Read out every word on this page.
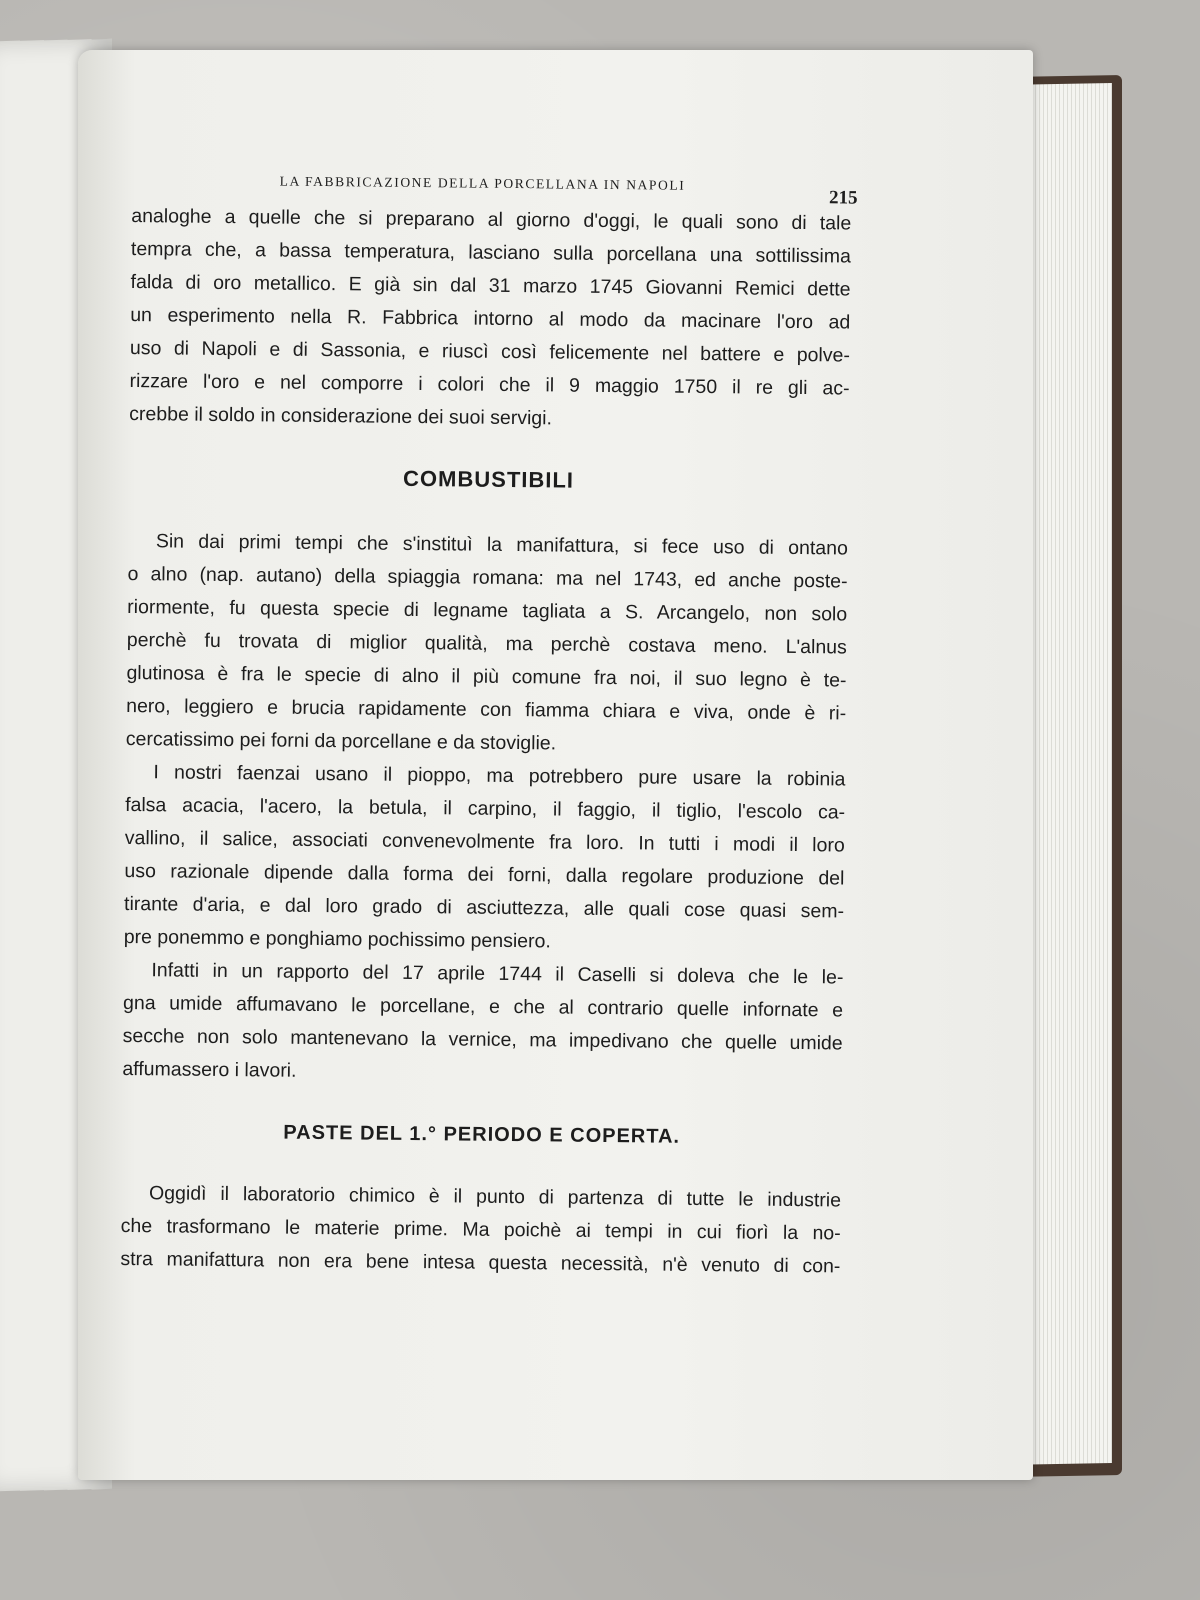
LA FABBRICAZIONE DELLA PORCELLANA IN NAPOLI
215

analoghe a quelle che si preparano al giorno d'oggi, le quali sono di tale

tempra che, a bassa temperatura, lasciano sulla porcellana una sottilissima

falda di oro metallico. E già sin dal 31 marzo 1745 Giovanni Remici dette

un esperimento nella R. Fabbrica intorno al modo da macinare l'oro ad

uso di Napoli e di Sassonia, e riuscì così felicemente nel battere e polve-

rizzare l'oro e nel comporre i colori che il 9 maggio 1750 il re gli ac-

crebbe il soldo in considerazione dei suoi servigi.

COMBUSTIBILI

Sin dai primi tempi che s'instituì la manifattura, si fece uso di ontano

o alno (nap. autano) della spiaggia romana: ma nel 1743, ed anche poste-

riormente, fu questa specie di legname tagliata a S. Arcangelo, non solo

perchè fu trovata di miglior qualità, ma perchè costava meno. L'alnus

glutinosa è fra le specie di alno il più comune fra noi, il suo legno è te-

nero, leggiero e brucia rapidamente con fiamma chiara e viva, onde è ri-

cercatissimo pei forni da porcellane e da stoviglie.

I nostri faenzai usano il pioppo, ma potrebbero pure usare la robinia

falsa acacia, l'acero, la betula, il carpino, il faggio, il tiglio, l'escolo ca-

vallino, il salice, associati convenevolmente fra loro. In tutti i modi il loro

uso razionale dipende dalla forma dei forni, dalla regolare produzione del

tirante d'aria, e dal loro grado di asciuttezza, alle quali cose quasi sem-

pre ponemmo e ponghiamo pochissimo pensiero.

Infatti in un rapporto del 17 aprile 1744 il Caselli si doleva che le le-

gna umide affumavano le porcellane, e che al contrario quelle infornate e

secche non solo mantenevano la vernice, ma impedivano che quelle umide

affumassero i lavori.

PASTE DEL 1.° PERIODO E COPERTA.

Oggidì il laboratorio chimico è il punto di partenza di tutte le industrie

che trasformano le materie prime. Ma poichè ai tempi in cui fiorì la no-

stra manifattura non era bene intesa questa necessità, n'è venuto di con-
